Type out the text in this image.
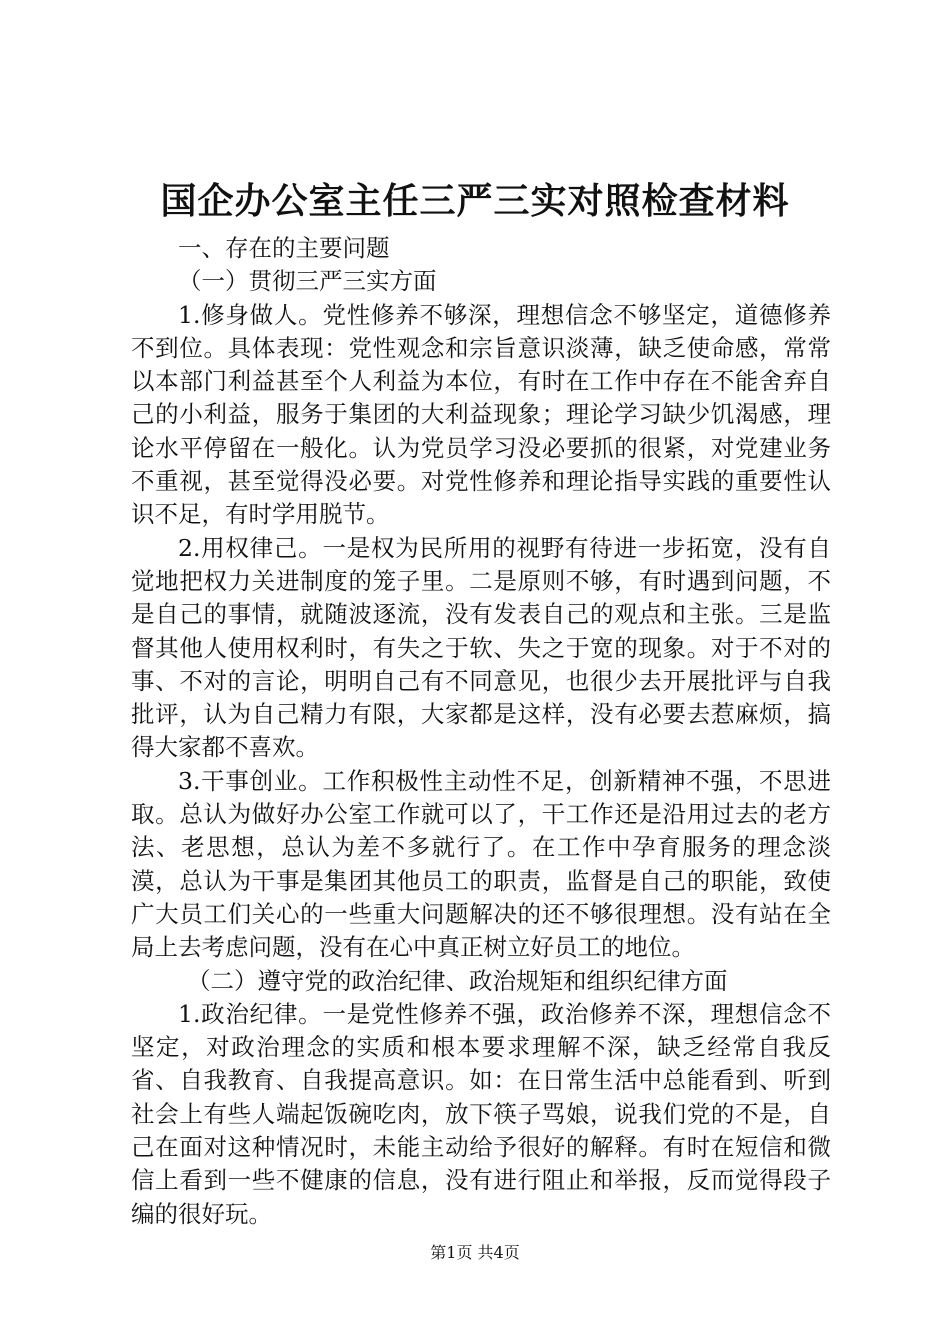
国企办公室主任三严三实对照检查材料

一、存在的主要问题

（一）贯彻三严三实方面

1.修身做人。党性修养不够深，理想信念不够坚定，道德修养不到位。具体表现：党性观念和宗旨意识淡薄，缺乏使命感，常常以本部门利益甚至个人利益为本位，有时在工作中存在不能舍弃自己的小利益，服务于集团的大利益现象；理论学习缺少饥渴感，理论水平停留在一般化。认为党员学习没必要抓的很紧，对党建业务不重视，甚至觉得没必要。对党性修养和理论指导实践的重要性认识不足，有时学用脱节。

2.用权律己。一是权为民所用的视野有待进一步拓宽，没有自觉地把权力关进制度的笼子里。二是原则不够，有时遇到问题，不是自己的事情，就随波逐流，没有发表自己的观点和主张。三是监督其他人使用权利时，有失之于软、失之于宽的现象。对于不对的事、不对的言论，明明自己有不同意见，也很少去开展批评与自我批评，认为自己精力有限，大家都是这样，没有必要去惹麻烦，搞得大家都不喜欢。

3.干事创业。工作积极性主动性不足，创新精神不强，不思进取。总认为做好办公室工作就可以了，干工作还是沿用过去的老方法、老思想，总认为差不多就行了。在工作中孕育服务的理念淡漠，总认为干事是集团其他员工的职责，监督是自己的职能，致使广大员工们关心的一些重大问题解决的还不够很理想。没有站在全局上去考虑问题，没有在心中真正树立好员工的地位。

（二）遵守党的政治纪律、政治规矩和组织纪律方面

1.政治纪律。一是党性修养不强，政治修养不深，理想信念不坚定，对政治理念的实质和根本要求理解不深，缺乏经常自我反省、自我教育、自我提高意识。如：在日常生活中总能看到、听到社会上有些人端起饭碗吃肉，放下筷子骂娘，说我们党的不是，自己在面对这种情况时，未能主动给予很好的解释。有时在短信和微信上看到一些不健康的信息，没有进行阻止和举报，反而觉得段子编的很好玩。

第1页 共4页
